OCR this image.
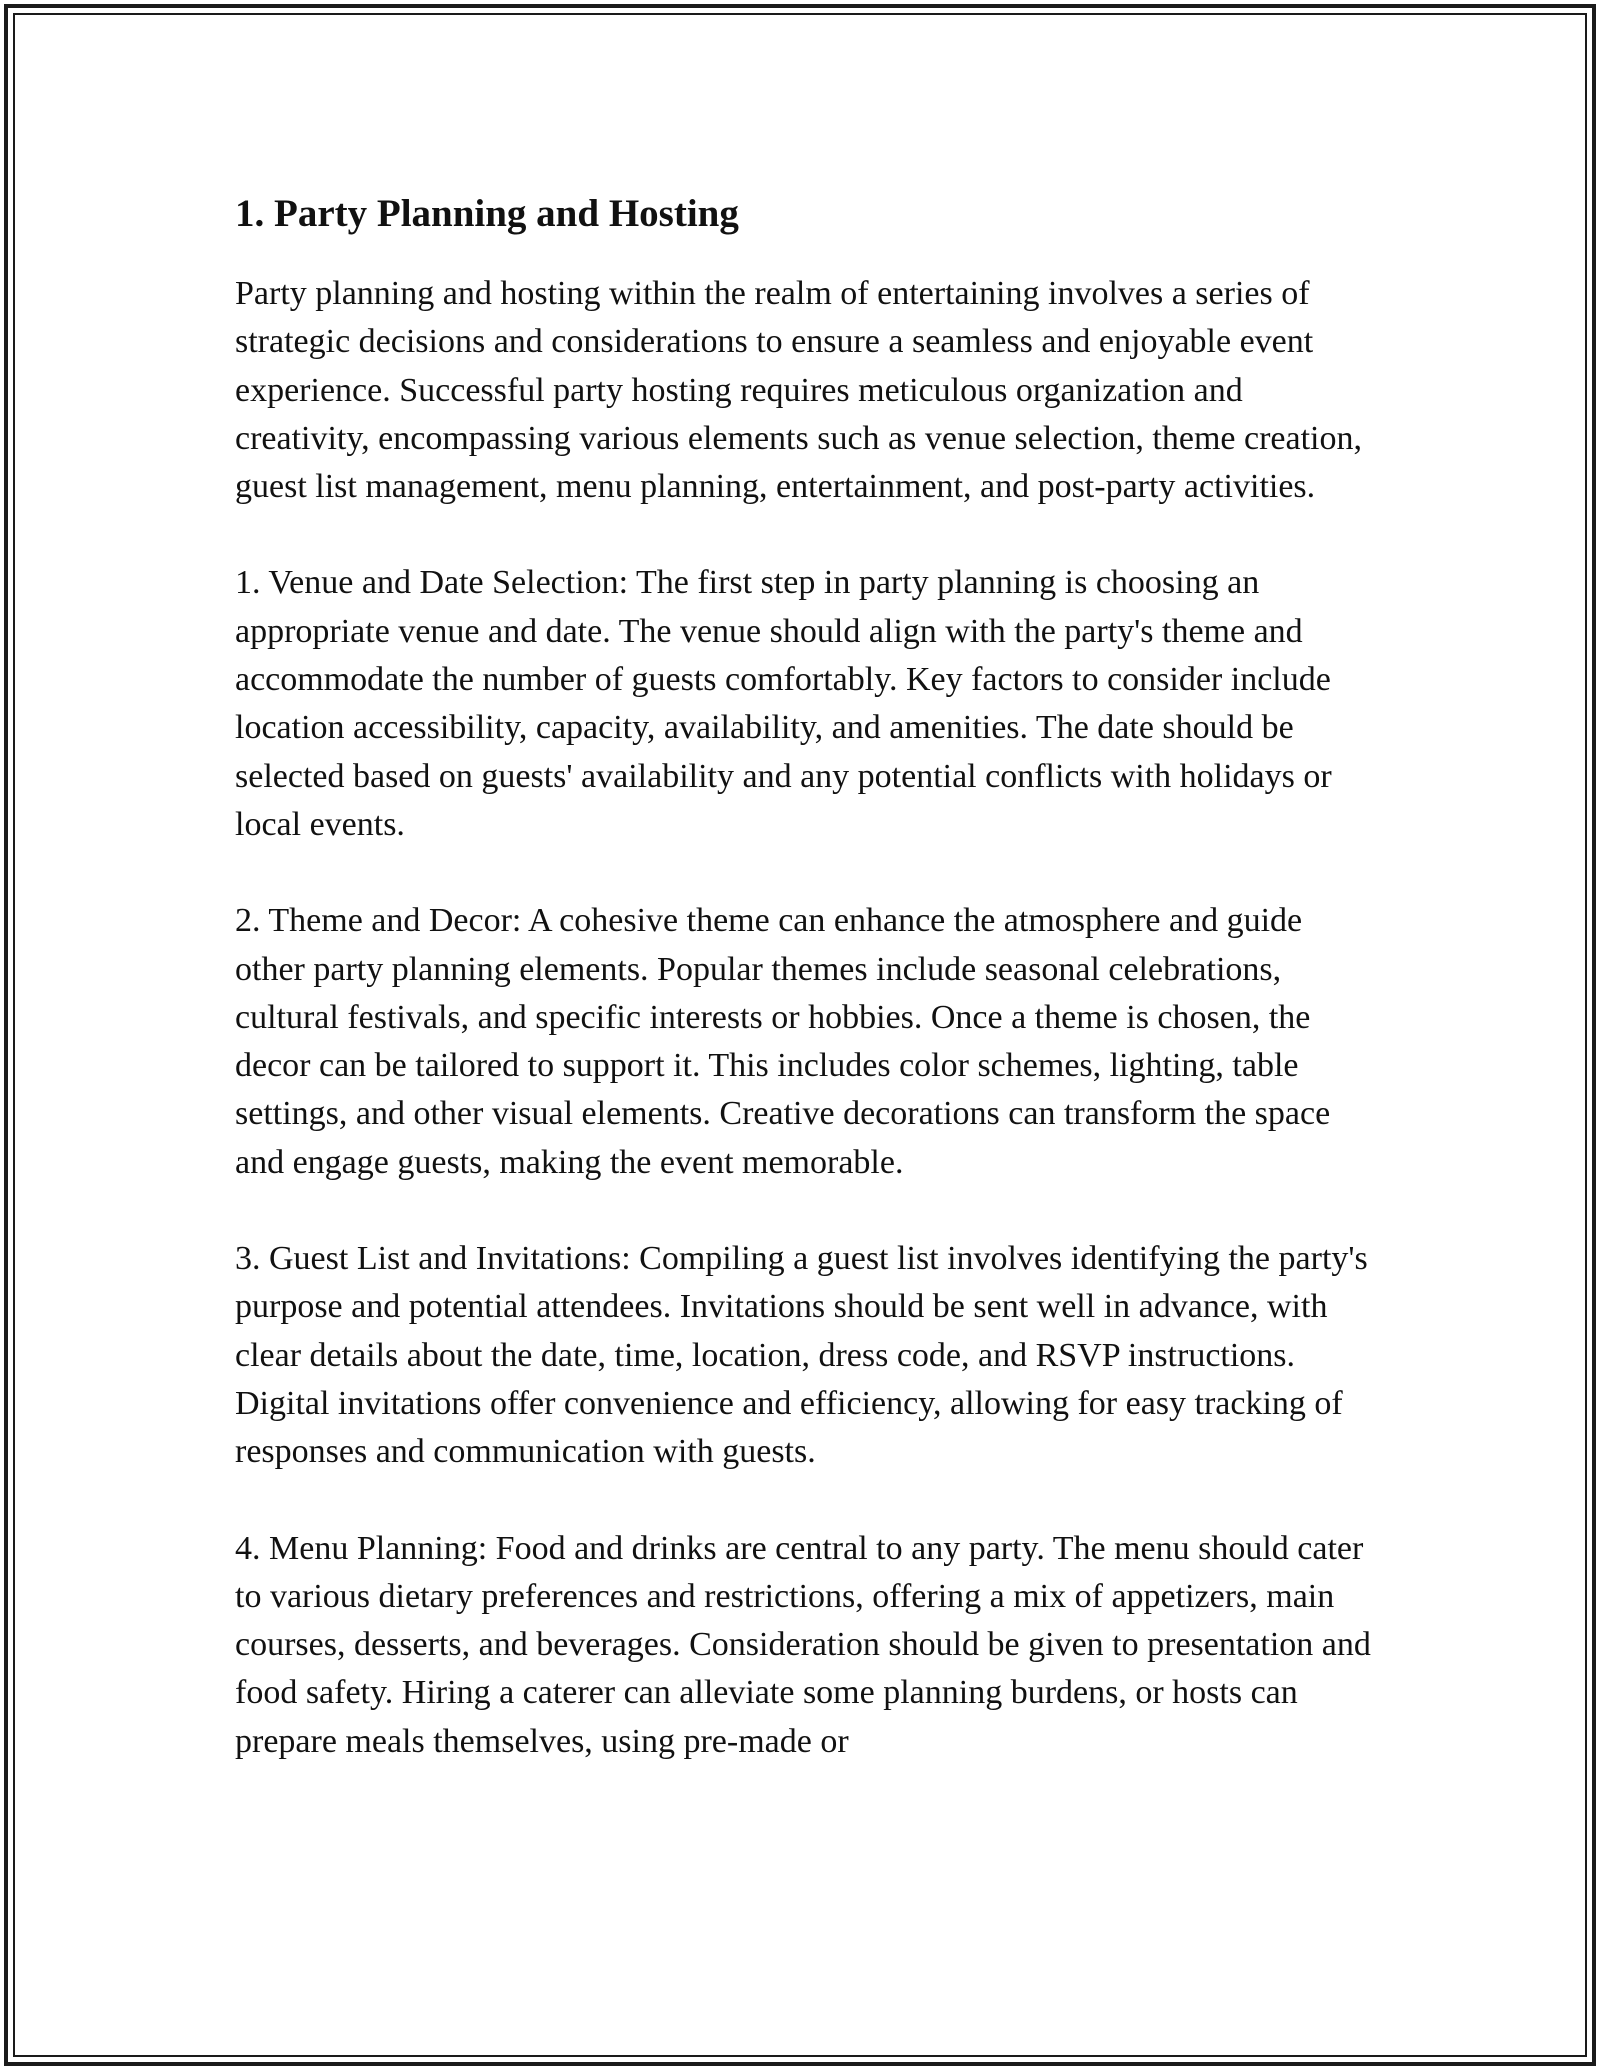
1. Party Planning and Hosting

Party planning and hosting within the realm of entertaining involves a series of strategic decisions and considerations to ensure a seamless and enjoyable event experience. Successful party hosting requires meticulous organization and creativity, encompassing various elements such as venue selection, theme creation, guest list management, menu planning, entertainment, and post-party activities.

1. Venue and Date Selection: The first step in party planning is choosing an appropriate venue and date. The venue should align with the party's theme and accommodate the number of guests comfortably. Key factors to consider include location accessibility, capacity, availability, and amenities. The date should be selected based on guests' availability and any potential conflicts with holidays or local events.

2. Theme and Decor: A cohesive theme can enhance the atmosphere and guide other party planning elements. Popular themes include seasonal celebrations, cultural festivals, and specific interests or hobbies. Once a theme is chosen, the decor can be tailored to support it. This includes color schemes, lighting, table settings, and other visual elements. Creative decorations can transform the space and engage guests, making the event memorable.

3. Guest List and Invitations: Compiling a guest list involves identifying the party's purpose and potential attendees. Invitations should be sent well in advance, with clear details about the date, time, location, dress code, and RSVP instructions. Digital invitations offer convenience and efficiency, allowing for easy tracking of responses and communication with guests.

4. Menu Planning: Food and drinks are central to any party. The menu should cater to various dietary preferences and restrictions, offering a mix of appetizers, main courses, desserts, and beverages. Consideration should be given to presentation and food safety. Hiring a caterer can alleviate some planning burdens, or hosts can prepare meals themselves, using pre-made or
